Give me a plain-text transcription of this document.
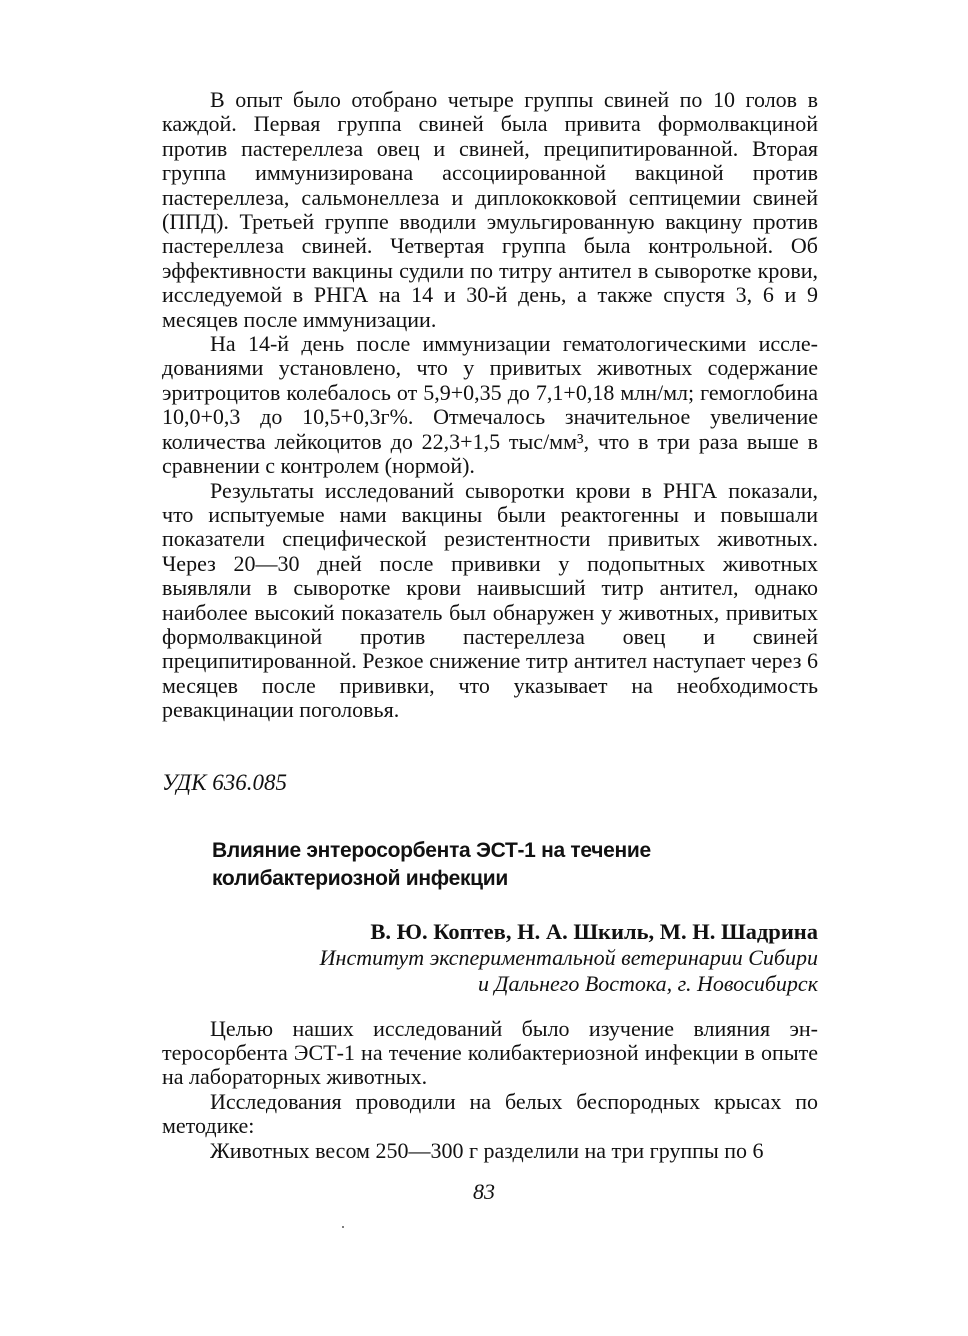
В опыт было отобрано четыре группы свиней по 10 голов в каждой. Первая группа свиней была привита формолвакциной против пастереллеза овец и свиней, преципитированной. Вторая группа иммунизирована ассоциированной вакциной против пастереллеза, сальмонеллеза и диплококковой септицемии свиней (ППД). Третьей группе вводили эмульгированную вакцину против пастереллеза свиней. Четвертая группа была контрольной. Об эффективности вакцины судили по титру антител в сыворотке крови, исследуемой в РНГА на 14 и 30-й день, а также спустя 3, 6 и 9 месяцев после иммунизации.

На 14-й день после иммунизации гематологическими исследованиями установлено, что у привитых животных содержание эритроцитов колебалось от 5,9+0,35 до 7,1+0,18 млн/мл; гемоглобина 10,0+0,3 до 10,5+0,3г%. Отмечалось значительное увеличение количества лейкоцитов до 22,3+1,5 тыс/мм³, что в три раза выше в сравнении с контролем (нормой).

Результаты исследований сыворотки крови в РНГА показали, что испытуемые нами вакцины были реактогенны и повышали показатели специфической резистентности привитых животных. Через 20—30 дней после прививки у подопытных животных выявляли в сыворотке крови наивысший титр антител, однако наиболее высокий показатель был обнаружен у животных, привитых формолвакциной против пастереллеза овец и свиней преципитированной. Резкое снижение титр антител наступает через 6 месяцев после прививки, что указывает на необходимость ревакцинации поголовья.

УДК 636.085

Влияние энтеросорбента ЭСТ-1 на течение
колибактериозной инфекции

В. Ю. Коптев, Н. А. Шкиль, М. Н. Шадрина

Институт экспериментальной ветеринарии Сибири

и Дальнего Востока, г. Новосибирск

Целью наших исследований было изучение влияния энтеросорбента ЭСТ-1 на течение колибактериозной инфекции в опыте на лабораторных животных.

Исследования проводили на белых беспородных крысах по методике:

Животных весом 250—300 г разделили на три группы по 6

83
